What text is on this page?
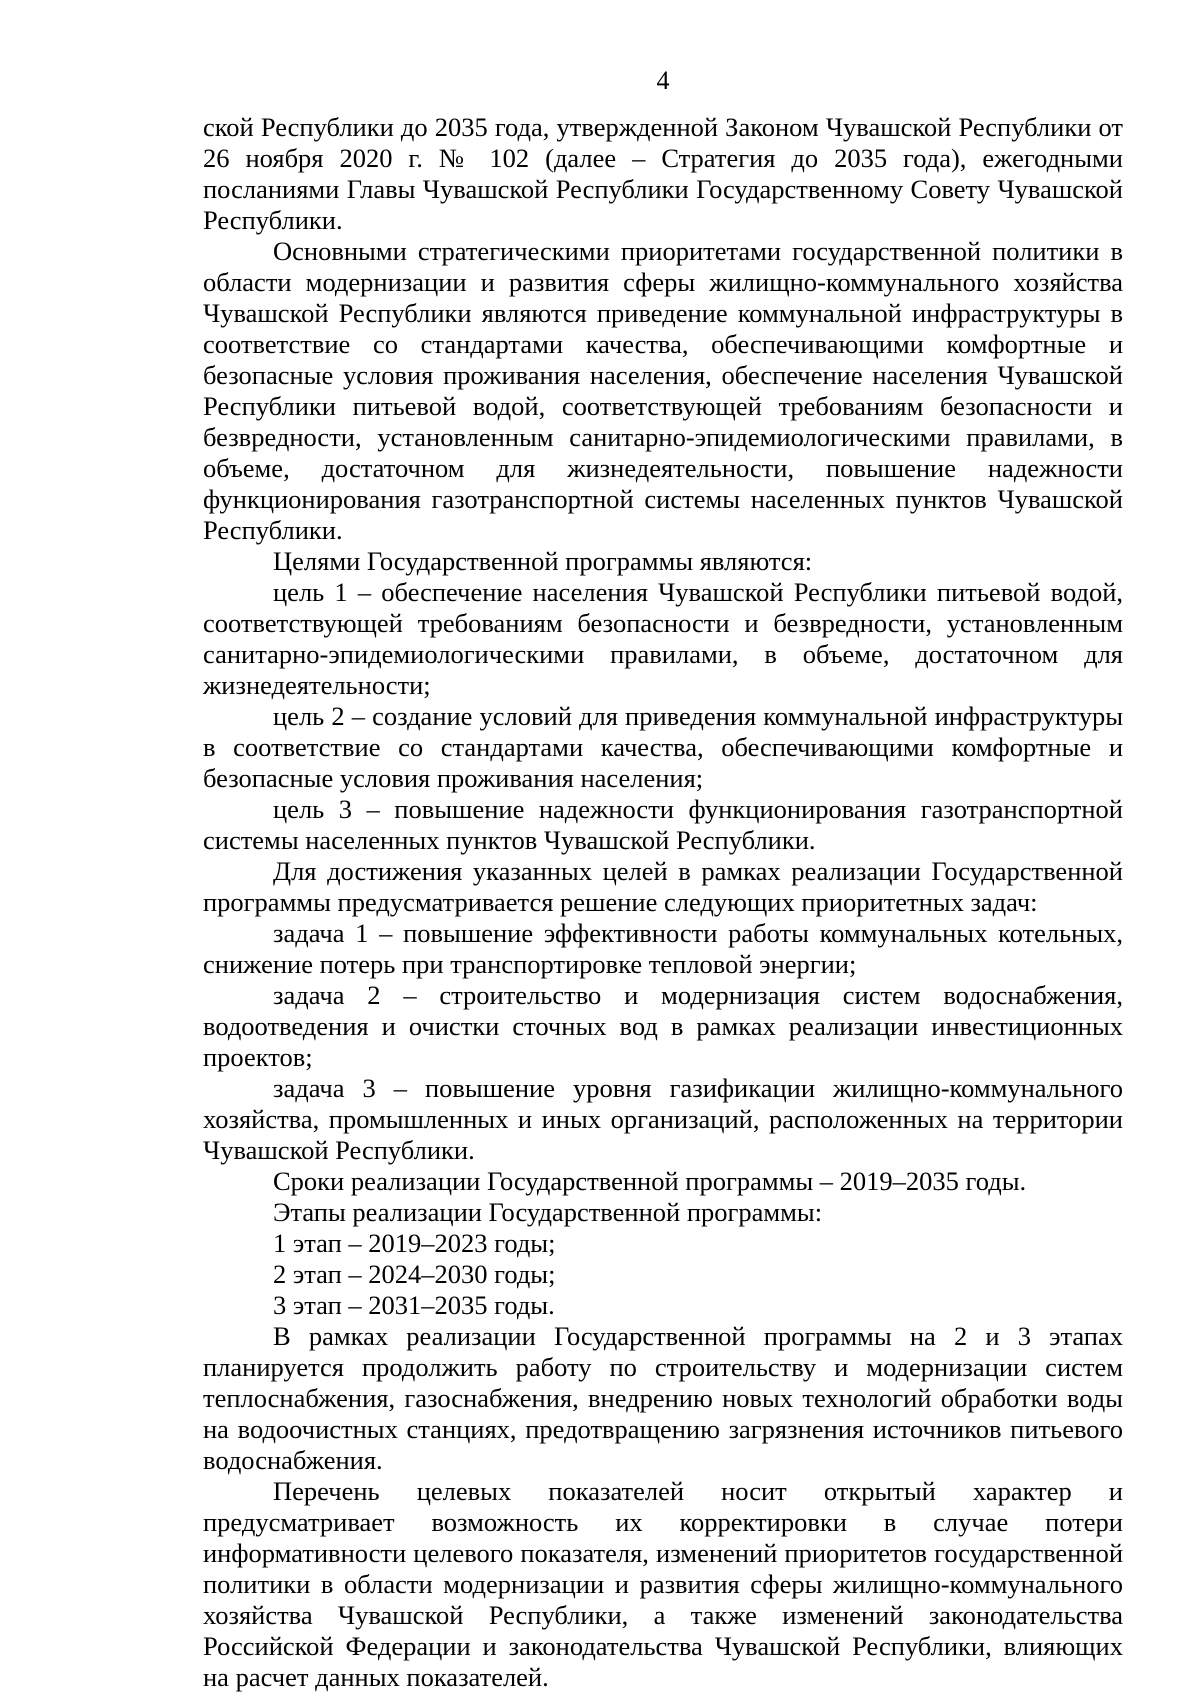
4

ской Республики до 2035 года, утвержденной Законом Чувашской Республики от 26 ноября 2020 г. № 102 (далее – Стратегия до 2035 года), ежегодными посланиями Главы Чувашской Республики Государственному Совету Чувашской Республики.

Основными стратегическими приоритетами государственной политики в области модернизации и развития сферы жилищно-коммунального хозяйства Чувашской Республики являются приведение коммунальной инфраструктуры в соответствие со стандартами качества, обеспечивающими комфортные и безопасные условия проживания населения, обеспечение населения Чувашской Республики питьевой водой, соответствующей требованиям безопасности и безвредности, установленным санитарно-эпидемиологическими правилами, в объеме, достаточном для жизнедеятельности, повышение надежности функционирования газотранспортной системы населенных пунктов Чувашской Республики.

Целями Государственной программы являются:

цель 1 – обеспечение населения Чувашской Республики питьевой водой, соответствующей требованиям безопасности и безвредности, установленным санитарно-эпидемиологическими правилами, в объеме, достаточном для жизнедеятельности;

цель 2 – создание условий для приведения коммунальной инфраструктуры в соответствие со стандартами качества, обеспечивающими комфортные и безопасные условия проживания населения;

цель 3 – повышение надежности функционирования газотранспортной системы населенных пунктов Чувашской Республики.

Для достижения указанных целей в рамках реализации Государственной программы предусматривается решение следующих приоритетных задач:

задача 1 – повышение эффективности работы коммунальных котельных, снижение потерь при транспортировке тепловой энергии;

задача 2 – строительство и модернизация систем водоснабжения, водоотведения и очистки сточных вод в рамках реализации инвестиционных проектов;

задача 3 – повышение уровня газификации жилищно-коммунального хозяйства, промышленных и иных организаций, расположенных на территории Чувашской Республики.

Сроки реализации Государственной программы – 2019–2035 годы.

Этапы реализации Государственной программы:

1 этап – 2019–2023 годы;

2 этап – 2024–2030 годы;

3 этап – 2031–2035 годы.

В рамках реализации Государственной программы на 2 и 3 этапах планируется продолжить работу по строительству и модернизации систем теплоснабжения, газоснабжения, внедрению новых технологий обработки воды на водоочистных станциях, предотвращению загрязнения источников питьевого водоснабжения.

Перечень целевых показателей носит открытый характер и предусматривает возможность их корректировки в случае потери информативности целевого показателя, изменений приоритетов государственной политики в области модернизации и развития сферы жилищно-коммунального хозяйства Чувашской Республики, а также изменений законодательства Российской Федерации и законодательства Чувашской Республики, влияющих на расчет данных показателей.
